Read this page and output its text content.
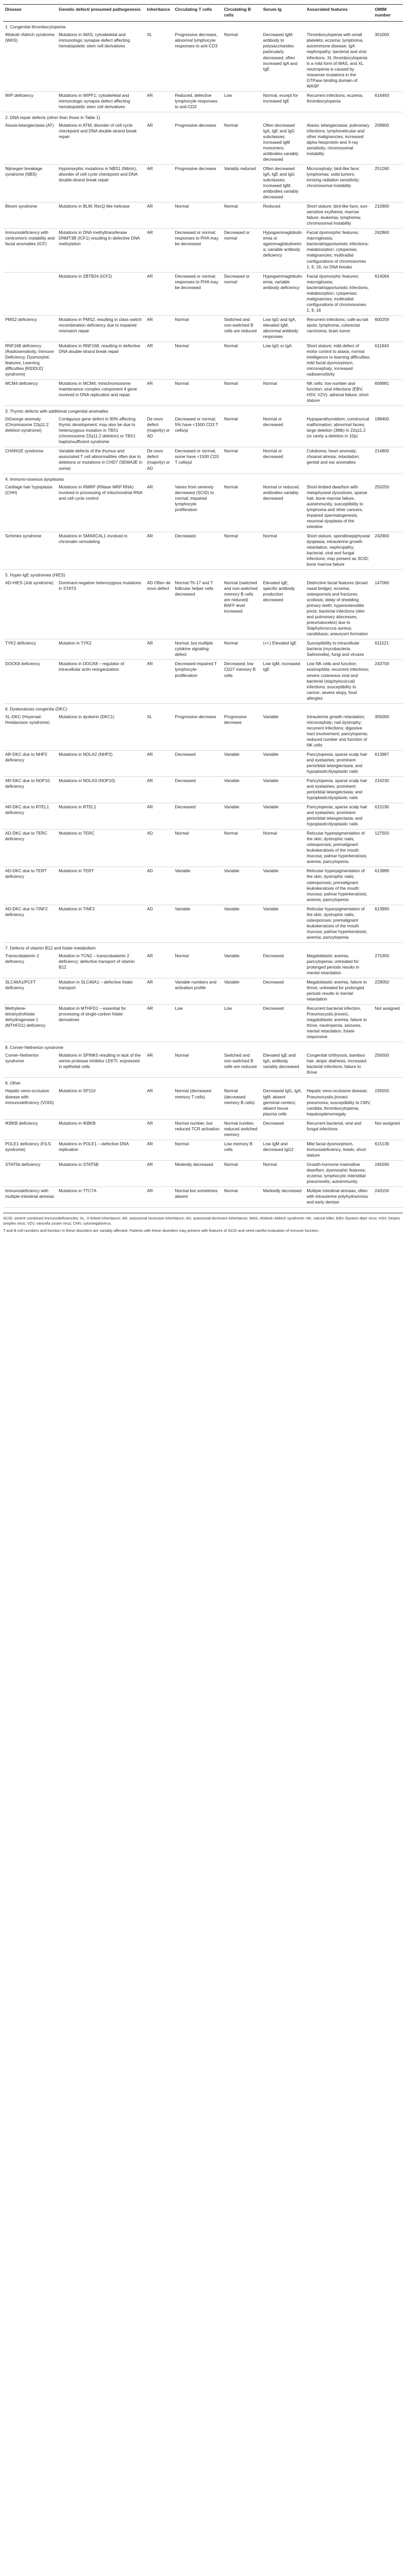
Disease	Genetic defect/ presumed pathogenesis	Inheritance	Circulating T cells	Circulating B cells	Serum Ig	Associated features	OMIM number
1. Congenital thrombocytopenia							
Wiskott–Aldrich syndrome (WAS)	Mutations in WAS; cytoskeletal and immunologic synapse defect affecting hematopoietic stem cell derivatives	XL	Progressive decrease, abnormal lymphocyte responses to anti-CD3	Normal	Decreased IgM: antibody to polysaccharides particularly decreased; often increased IgA and IgE	Thrombocytopenia with small platelets; eczema; lymphoma; autoimmune disease; IgA nephropathy; bacterial and viral infections. XL thrombocytopenia is a mild form of WAS, and XL neutropenia is caused by missense mutations in the GTPase binding domain of WASP	301000
WIP deficiency	Mutations in WIPF1; cytoskeletal and immunologic synapse defect affecting hematopoietic stem cell derivatives	AR	Reduced, defective lymphocyte responses to anti-CD3	Low	Normal, except for increased IgE	Recurrent infections; eczema; thrombocytopenia	614493
2. DNA repair defects (other than those in Table 1)							
Ataxia-telangiectasia (AT)	Mutations in ATM; disorder of cell cycle checkpoint and DNA double-strand break repair	AR	Progressive decrease	Normal	Often decreased IgA, IgE and IgG subclasses; increased IgM monomers; antibodies variably decreased	Ataxia; telangiectasia; pulmonary infections; lymphoreticular and other malignancies; increased alpha fetoprotein and X-ray sensitivity; chromosomal instability	208900
Nijmegen breakage syndrome (NBS)	Hypomorphic mutations in NBS1 (Nibrin); disorder of cell cycle checkpoint and DNA double-strand break repair	AR	Progressive decrease	Variably reduced	Often decreased IgA, IgE and IgG subclasses; increased IgM; antibodies variably decreased	Microcephaly; bird-like face; lymphomas; solid tumors; ionizing radiation sensitivity; chromosomal instability	251260
Bloom syndrome	Mutations in BLM; RecQ like helicase	AR	Normal	Normal	Reduced	Short stature; bird-like face; sun-sensitive erythema; marrow failure; leukemia; lymphoma; chromosomal instability	210900
Immunodeficiency with centromeric instability and facial anomalies (ICF)	Mutations in DNA methyltransferase DNMT3B (ICF1) resulting in defective DNA methylation	AR	Decreased or normal; responses to PHA may be decreased	Decreased or normal	Hypogammaglobulinemia or agammaglobulinemia; variable antibody deficiency	Facial dysmorphic features; macroglossia; bacterial/opportunistic infections; malabsorption; cytopenias; malignancies; multiradial configurations of chromosomes 1, 9, 16; no DNA breaks	242860
	Mutations in ZBTB24 (ICF2)	AR	Decreased or normal; responses to PHA may be decreased	Decreased or normal	Hypogammaglobulinemia; variable antibody deficiency	Facial dysmorphic features; macroglossia; bacterial/opportunistic infections; malabsorption; cytopenias; malignancies; multiradial configurations of chromosomes 1, 9, 16	614064
PMS2 deficiency	Mutations in PMS2, resulting in class switch recombination deficiency due to impaired mismatch repair	AR	Normal	Switched and non-switched B cells are reduced	Low IgG and IgA, elevated IgM, abnormal antibody responses	Recurrent infections; café-au-lait spots; lymphoma, colorectal carcinoma, brain tumor	600259
RNF168 deficiency (Radiosensitivity, Immune Deficiency, Dysmorphic features, Learning difficulties [RIDDLE] syndrome)	Mutations in RNF168, resulting in defective DNA double-strand break repair	AR	Normal	Normal	Low IgG or IgA	Short stature; mild defect of motor control to ataxia; normal intelligence to learning difficulties; mild facial dysmorphism; microcephaly; increased radiosensitivity	611943
MCM4 deficiency	Mutations in MCM4; minichromosome maintenance complex component 4 gene involved in DNA replication and repair	AR	Normal	Normal	Normal	NK cells: low number and function; viral infections (EBV, HSV, VZV); adrenal failure; short stature	609981
3. Thymic defects with additional congenital anomalies							
DiGeorge anomaly (Chromosome 22q11.2 deletion syndrome)	Contiguous gene defect in 90% affecting thymic development; may also be due to heterozygous mutation in TBX1 (chromosome 22q11.2 deletion) or TBX1 haploinsufficient syndrome	De novo defect (majority) or AD	Decreased or normal; 5% have <1500 CD3 T cells/µl	Normal	Normal or decreased	Hypoparathyroidism; conotruncal malformation; abnormal facies; large deletion (3Mb) in 22q11.2 (or rarely a deletion in 10p)	188400
CHARGE syndrome	Variable defects of the thymus and associated T cell abnormalities often due to deletions or mutations in CHD7 (SEMA3E in some)	De novo defect (majority) or AD	Decreased or normal, some have <1500 CD3 T cells/µl	Normal	Normal or decreased	Coloboma; heart anomaly; choanal atresia; retardation; genital and ear anomalies	214800
4. Immuno-osseous dysplasias							
Cartilage hair hypoplasia (CHH)	Mutations in RMRP (RNase MRP RNA) involved in processing of mitochondrial RNA and cell cycle control	AR	Varies from severely decreased (SCID) to normal; impaired lymphocyte proliferation	Normal	Normal or reduced, antibodies variably decreased	Short-limbed dwarfism with metaphyseal dysostosis, sparse hair, bone marrow failure, autoimmunity, susceptibility to lymphoma and other cancers, impaired spermatogenesis, neuronal dysplasia of the intestine	250250
Schimke syndrome	Mutations in SMARCAL1 involved in chromatin remodeling	AR	Decreased	Normal	Normal	Short stature, spondiloepiphyseal dysplasia, intrauterine growth retardation, nephropathy; bacterial, viral and fungal infections; may present as SCID; bone marrow failure	242900
5. Hyper-IgE syndromes (HIES)							
AD-HIES (Job syndrome)	Dominant-negative heterozygous mutations in STAT3	AD Often de novo defect	Normal Th-17 and T follicular helper cells decreased	Normal (switched and non-switched memory B cells are reduced) BAFF level increased	Elevated IgE; specific antibody production decreased	Distinctive facial features (broad nasal bridge); eczema; osteoporosis and fractures; scoliosis; delay of shedding primary teeth; hyperextensible joints; bacterial infections (skin and pulmonary abscesses, pneumatoceles) due to Staphylococcus aureus; candidiasis; aneurysm formation	147060
TYK2 deficiency	Mutation in TYK2	AR	Normal, but multiple cytokine signaling defect	Normal	(+/-) Elevated IgE	Susceptibility to intracellular bacteria (mycobacteria, Salmonella), fungi and viruses	611521
DOCK8 deficiency	Mutations in DOCK8 – regulator of intracellular actin reorganization	AR	Decreased impaired T lymphocyte proliferation	Decreased; low CD27 memory B cells	Low IgM, increased IgE	Low NK cells and function; eosinophilia; recurrent infections; severe cutaneous viral and bacterial (staphylococcal) infections; susceptibility to cancer; severe atopy, food allergies	243700
6. Dyskeratosis congenita (DKC)							
XL-DKC (Hoyeraal-Hreidarsson syndrome)	Mutations in dyskerin (DKC1)	XL	Progressive decrease	Progressive decrease	Variable	Intrauterine growth retardation; microcephaly; nail dystrophy; recurrent infections; digestive tract involvement; pancytopenia; reduced number and function of NK cells	305000
AR-DKC due to NHP2 deficiency	Mutations in NOLA2 (NHP2)	AR	Decreased	Variable	Variable	Pancytopenia; sparse scalp hair and eyelashes; prominent periorbital telangiectasia; and hypoplastic/dysplastic nails	613987
AR-DKC due to NOP10 deficiency	Mutations in NOLA3 (NOP10)	AR	Decreased	Variable	Variable	Pancytopenia; sparse scalp hair and eyelashes; prominent periorbital telangiectasia; and hypoplastic/dysplastic nails	224230
AR-DKC due to RTEL1 deficiency	Mutations in RTEL1	AR	Decreased	Variable	Variable	Pancytopenia; sparse scalp hair and eyelashes; prominent periorbital telangiectasia; and hypoplastic/dysplastic nails	615190
AD-DKC due to TERC deficiency	Mutations in TERC	AD	Normal	Normal	Normal	Reticular hyperpigmentation of the skin; dystrophic nails; osteoporosis; premalignant leukokeratosis of the mouth mucosa; palmar hyperkeratosis; anemia; pancytopenia	127550
AD-DKC due to TERT deficiency	Mutations in TERT	AD	Variable	Variable	Variable	Reticular hyperpigmentation of the skin; dystrophic nails; osteoporosis; premalignant leukokeratosis of the mouth mucosa; palmar hyperkeratosis; anemia; pancytopenia	613989
AD-DKC due to TINF2 deficiency	Mutations in TINF2	AD	Variable	Variable	Variable	Reticular hyperpigmentation of the skin; dystrophic nails; osteoporosis; premalignant leukokeratosis of the mouth mucosa; palmar hyperkeratosis; anemia; pancytopenia	613990
7. Defects of vitamin B12 and folate metabolism							
Transcobalamin 2 deficiency	Mutation in TCN2 – transcobalamin 2 deficiency; defective transport of vitamin B12	AR	Normal	Variable	Decreased	Megaloblastic anemia, pancytopenia; untreated for prolonged periods results in mental retardation	275350
SLC46A1/PCFT deficiency	Mutation in SLC46A1 – defective folate transport	AR	Variable numbers and activation profile	Variable	Decreased	Megaloblastic anemia, failure to thrive; untreated for prolonged periods results in mental retardation	229050
Methylene-tetrahydrofolate dehydrogenase 1 (MTHFD1) deficiency	Mutation in MTHFD1 – essential for processing of single-carbon folate derivatives	AR	Low	Low	Decreased	Recurrent bacterial infection, Pneumocystis jiroveci, megaloblastic anemia, failure to thrive, neutropenia, seizures, mental retardation, folate-responsive	Not assigned
8. Comel–Netherton syndrome							
Comel–Netherton syndrome	Mutations in SPINK5 resulting in lack of the serine protease inhibitor LEKTI, expressed in epithelial cells	AR	Normal	Switched and non-switched B cells are reduced	Elevated IgE and IgA; antibody variably decreased	Congenital ichthyosis, bamboo hair, atopic diathesis, increased bacterial infections, failure to thrive	256500
9. Other							
Hepatic veno-occlusive disease with immunodeficiency (VODI)	Mutations in SP110	AR	Normal (decreased memory T cells)	Normal (decreased memory B cells)	Decreased IgG, IgA, IgM; absent germinal centers; absent tissue plasma cells	Hepatic veno-occlusive disease; Pneumocystis jiroveci pneumonia; susceptibility to CMV, candida; thrombocytopenia; hepatosplenomegaly	235550
IKBKB deficiency	Mutations in IKBKB	AR	Normal number, but reduced TCR activation	Normal number, reduced switched memory	Decreased	Recurrent bacterial, viral and fungal infections	Not assigned
POLE1 deficiency (FILS syndrome)	Mutations in POLE1 – defective DNA replication	AR	Normal	Low memory B cells	Low IgM and decreased IgG2	Mild facial dysmorphism, immunodeficiency, livedo, short stature	615139
STAT5b deficiency	Mutations in STAT5B	AR	Modestly decreased	Normal	Normal	Growth-hormone insensitive dwarfism; dysmorphic features; eczema; lymphocytic interstitial pneumonitis; autoimmunity	245590
Immunodeficiency with multiple intestinal atresias	Mutations in TTC7A	AR	Normal but sometimes absent	Normal	Markedly decreased	Multiple intestinal atresias, often with intrauterine polyhydramnios and early demise	243150

SCID, severe combined immunodeficiencies; XL, X-linked inheritance; AR, autosomal recessive inheritance; AD, autosomal dominant inheritance; WAS, Wiskott–Aldrich syndrome; NK, natural killer; EBV, Epstein–Barr virus; HSV, herpes simplex virus; VZV, varicella zoster virus; CMV, cytomegalovirus.

T and B cell numbers and function in these disorders are variably affected. Patients with these disorders may present with features of SCID and need careful evaluation of immune function.
